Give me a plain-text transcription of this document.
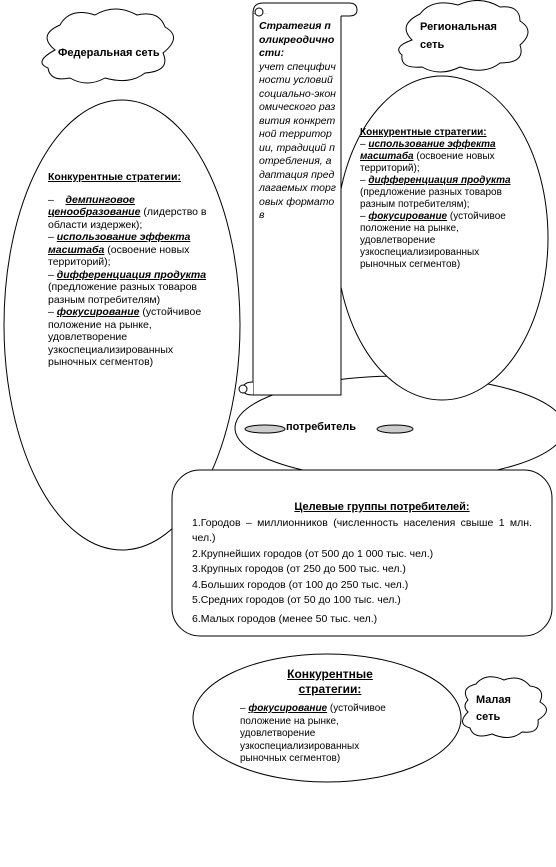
Федеральная сеть
Региональная сеть
Малая сеть
Конкурентные стратегии:
– демпинговое ценообразование (лидерство в области издержек);
– использование эффекта масштаба (освоение новых территорий);
– дифференциация продукта (предложение разных товаров разным потребителям)
– фокусирование (устойчивое положение на рынке, удовлетворение узкоспециализированных рыночных сегментов)
Конкурентные стратегии:
– использование эффекта масштаба (освоение новых территорий);
– дифференциация продукта (предложение разных товаров разным потребителям);
– фокусирование (устойчивое положение на рынке, удовлетворение узкоспециализированных рыночных сегментов)
Стратегия поликреодичности:
учет специфичности условий социально-экономического развития конкретной территории, традиций потребления, адаптация предлагаемых торговых форматов
потребитель
Целевые группы потребителей:
1.Городов – миллионников (численность населения свыше 1 млн. чел.)
2.Крупнейших городов (от 500 до 1 000 тыс. чел.)
3.Крупных городов (от 250 до 500 тыс. чел.)
4.Больших городов (от 100 до 250 тыс. чел.)
5.Средних городов (от 50 до 100 тыс. чел.)
6.Малых городов (менее 50 тыс. чел.)
Конкурентные стратегии:
– фокусирование (устойчивое положение на рынке, удовлетворение узкоспециализированных рыночных сегментов)
